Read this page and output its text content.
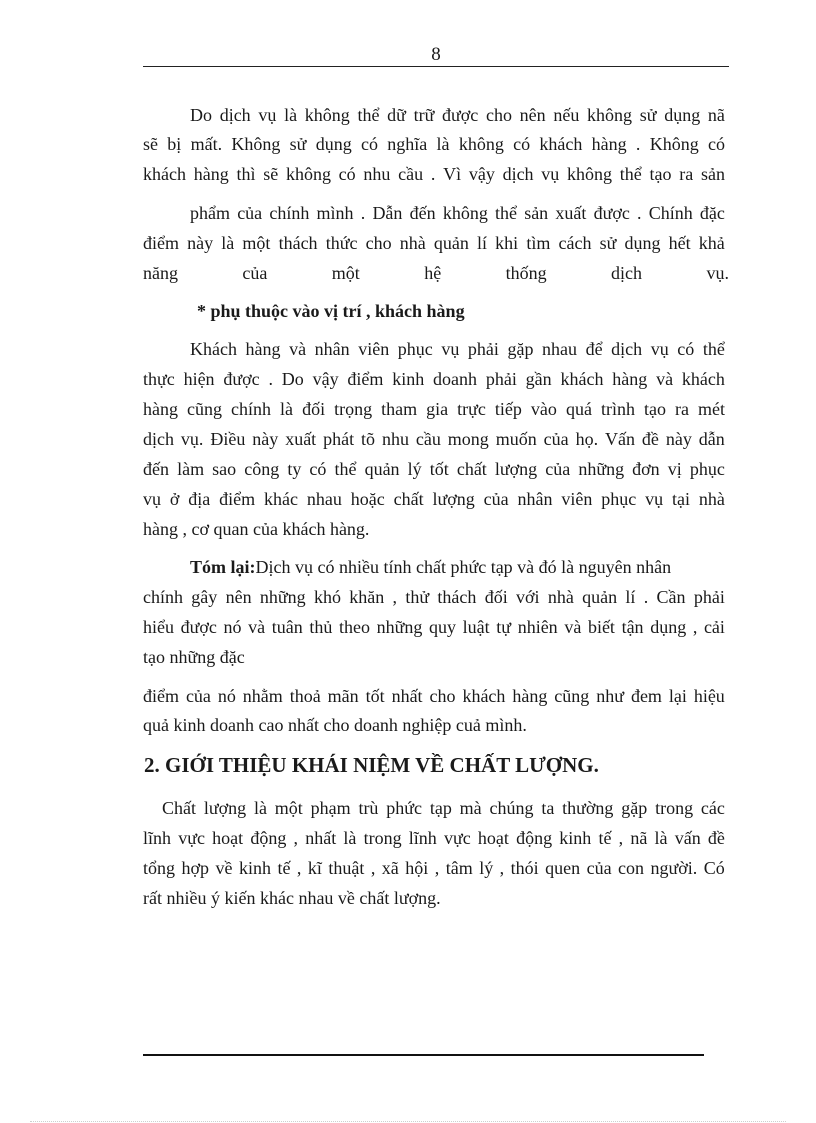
8
Do dịch vụ là không thể dữ trữ được cho nên nếu không sử dụng nã
sẽ bị mất. Không sử dụng có nghĩa là không có khách hàng . Không có
khách hàng thì sẽ không có nhu cầu . Vì vậy dịch vụ không thể tạo ra sản
phẩm của chính mình . Dẫn đến không thể sản xuất được . Chính đặc
điểm này là một thách thức cho nhà quản lí khi tìm cách sử dụng hết khả
năng	của	một	hệ	thống	dịch	vụ.
* phụ thuộc vào vị trí , khách hàng
Khách hàng và nhân viên phục vụ phải gặp nhau để dịch vụ có thể
thực hiện được . Do vậy điểm kinh doanh phải gần khách hàng và khách
hàng cũng chính là đối trọng tham gia trực tiếp vào quá trình tạo ra mét
dịch vụ. Điều này xuất phát tõ nhu cầu mong muốn của họ. Vấn đề này dẫn
đến làm sao công ty có thể quản lý tốt chất lượng của những đơn vị phục
vụ ở địa điểm khác nhau hoặc chất lượng của nhân viên phục vụ tại nhà
hàng , cơ quan của khách hàng.
Tóm lại:Dịch vụ có nhiều tính chất phức tạp và đó là nguyên nhân
chính gây nên những khó khăn , thử thách đối với nhà quản lí . Cần phải
hiểu được nó và tuân thủ theo những quy luật tự nhiên và biết tận dụng , cải
tạo những đặc
điểm của nó nhằm thoả mãn tốt nhất cho khách hàng cũng như đem lại hiệu
quả kinh doanh cao nhất cho doanh nghiệp cuả mình.
2. GIỚI THIỆU KHÁI NIỆM VỀ CHẤT LƯỢNG.
Chất lượng là một phạm trù phức tạp mà chúng ta thường gặp trong các
lĩnh vực hoạt động , nhất là trong lĩnh vực hoạt động kinh tế , nã là vấn đề
tổng hợp về kinh tế , kĩ thuật , xã hội , tâm lý , thói quen của con người. Có
rất nhiều ý kiến khác nhau về chất lượng.
